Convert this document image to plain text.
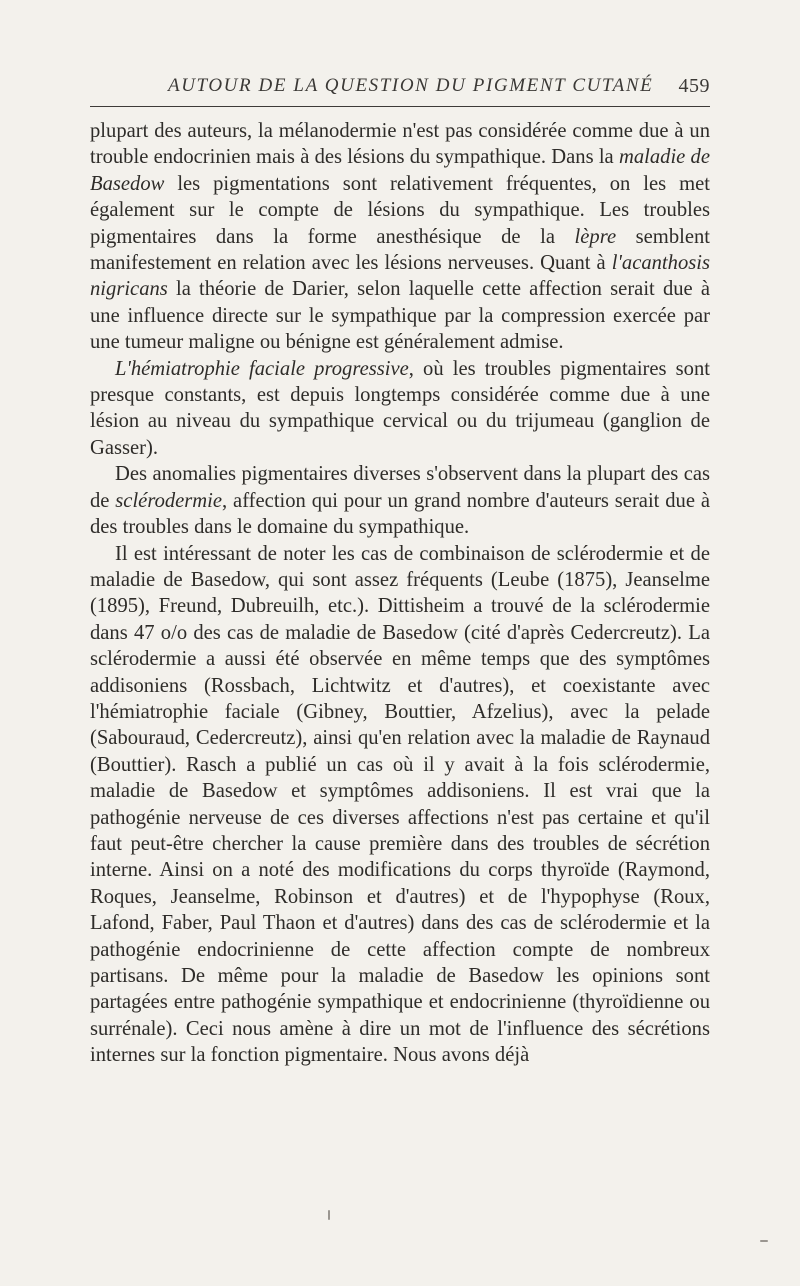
AUTOUR DE LA QUESTION DU PIGMENT CUTANÉ 459

plupart des auteurs, la mélanodermie n'est pas considérée comme due à un trouble endocrinien mais à des lésions du sympathique. Dans la maladie de Basedow les pigmentations sont relativement fréquentes, on les met également sur le compte de lésions du sympathique. Les troubles pigmentaires dans la forme anesthésique de la lèpre semblent manifestement en relation avec les lésions nerveuses. Quant à l'acanthosis nigricans la théorie de Darier, selon laquelle cette affection serait due à une influence directe sur le sympathique par la compression exercée par une tumeur maligne ou bénigne est généralement admise.

L'hémiatrophie faciale progressive, où les troubles pigmentaires sont presque constants, est depuis longtemps considérée comme due à une lésion au niveau du sympathique cervical ou du trijumeau (ganglion de Gasser).

Des anomalies pigmentaires diverses s'observent dans la plupart des cas de sclérodermie, affection qui pour un grand nombre d'auteurs serait due à des troubles dans le domaine du sympathique.

Il est intéressant de noter les cas de combinaison de sclérodermie et de maladie de Basedow, qui sont assez fréquents (Leube (1875), Jeanselme (1895), Freund, Dubreuilh, etc.). Dittisheim a trouvé de la sclérodermie dans 47 o/o des cas de maladie de Basedow (cité d'après Cedercreutz). La sclérodermie a aussi été observée en même temps que des symptômes addisoniens (Rossbach, Lichtwitz et d'autres), et coexistante avec l'hémiatrophie faciale (Gibney, Bouttier, Afzelius), avec la pelade (Sabouraud, Cedercreutz), ainsi qu'en relation avec la maladie de Raynaud (Bouttier). Rasch a publié un cas où il y avait à la fois sclérodermie, maladie de Basedow et symptômes addisoniens. Il est vrai que la pathogénie nerveuse de ces diverses affections n'est pas certaine et qu'il faut peut-être chercher la cause première dans des troubles de sécrétion interne. Ainsi on a noté des modifications du corps thyroïde (Raymond, Roques, Jeanselme, Robinson et d'autres) et de l'hypophyse (Roux, Lafond, Faber, Paul Thaon et d'autres) dans des cas de sclérodermie et la pathogénie endocrinienne de cette affection compte de nombreux partisans. De même pour la maladie de Basedow les opinions sont partagées entre pathogénie sympathique et endocrinienne (thyroïdienne ou surrénale). Ceci nous amène à dire un mot de l'influence des sécrétions internes sur la fonction pigmentaire. Nous avons déjà
